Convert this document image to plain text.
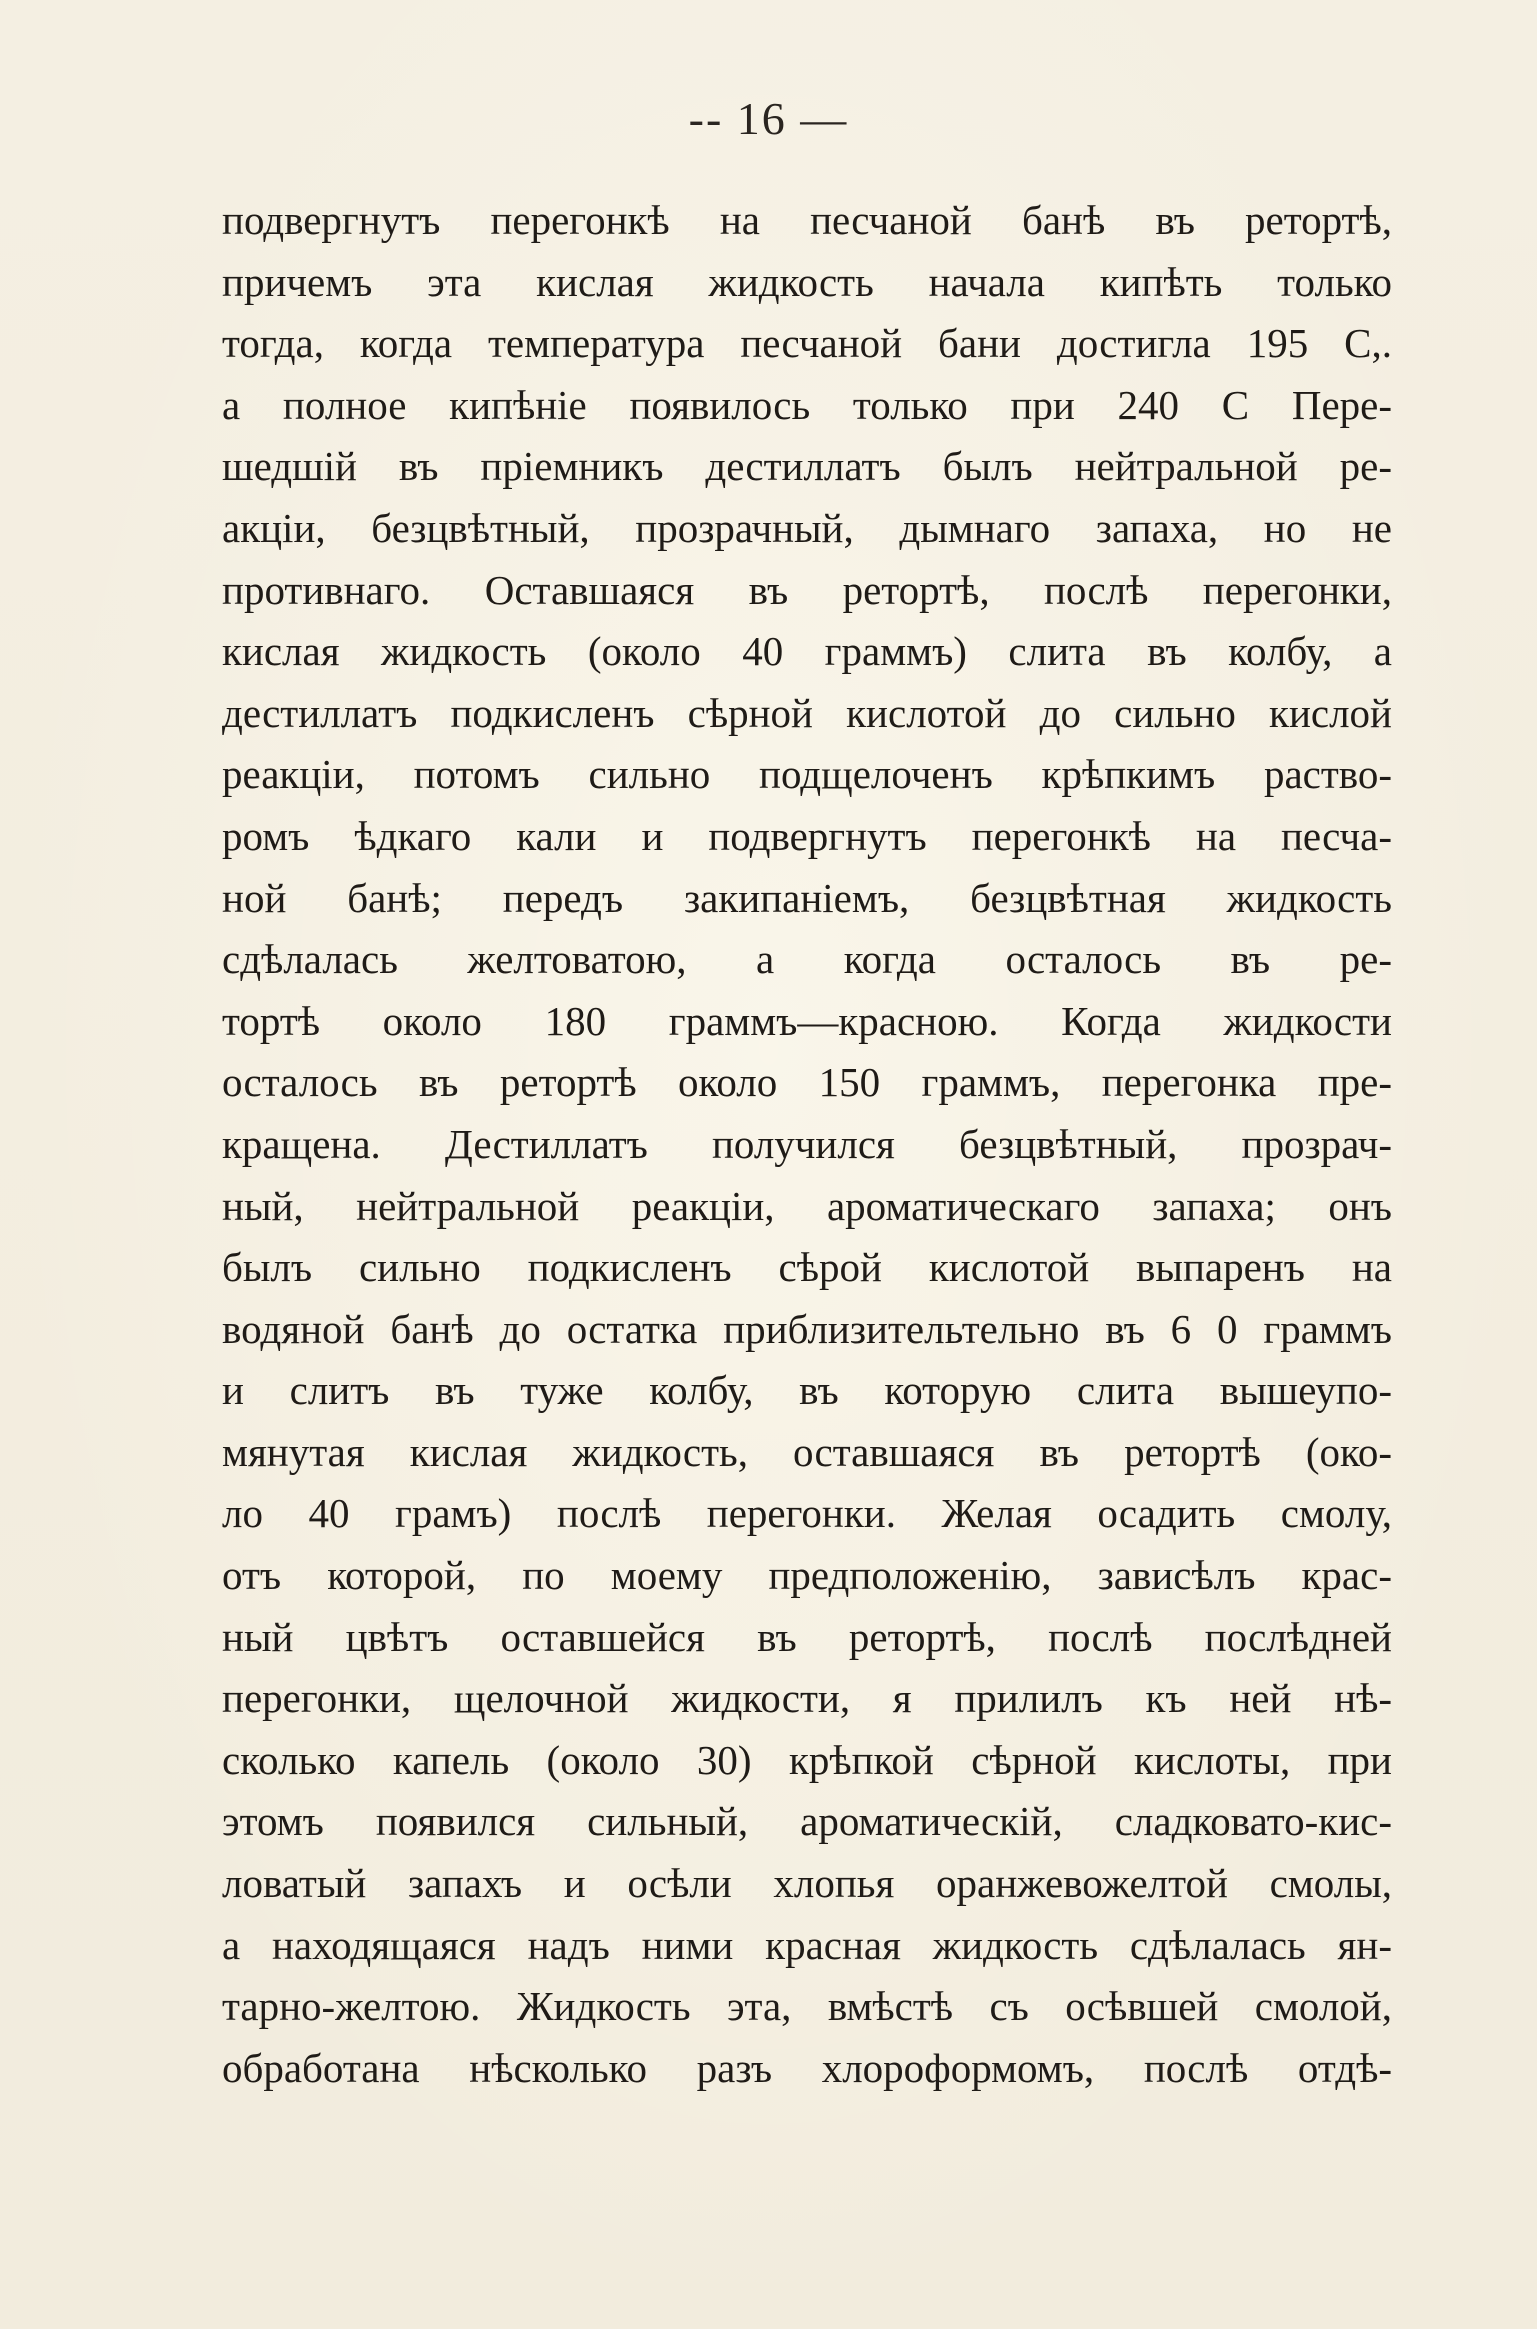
-- 16 —
подвергнутъ перегонкѣ на песчаной банѣ въ ретортѣ,
причемъ эта кислая жидкость начала кипѣть только
тогда, когда температура песчаной бани достигла 195 С,.
а полное кипѣніе появилось только при 240 С Пере-
шедшій въ пріемникъ дестиллатъ былъ нейтральной ре-
акціи, безцвѣтный, прозрачный, дымнаго запаха, но не
противнаго. Оставшаяся въ ретортѣ, послѣ перегонки,
кислая жидкость (около 40 граммъ) слита въ колбу, а
дестиллатъ подкисленъ сѣрной кислотой до сильно кислой
реакціи, потомъ сильно подщелоченъ крѣпкимъ раство-
ромъ ѣдкаго кали и подвергнутъ перегонкѣ на песча-
ной банѣ; передъ закипаніемъ, безцвѣтная жидкость
сдѣлалась желтоватою, а когда осталось въ ре-
тортѣ около 180 граммъ—красною. Когда жидкости
осталось въ ретортѣ около 150 граммъ, перегонка пре-
кращена. Дестиллатъ получился безцвѣтный, прозрач-
ный, нейтральной реакціи, ароматическаго запаха; онъ
былъ сильно подкисленъ сѣрой кислотой выпаренъ на
водяной банѣ до остатка приблизительтельно въ 6 0 граммъ
и слитъ въ туже колбу, въ которую слита вышеупо-
мянутая кислая жидкость, оставшаяся въ ретортѣ (око-
ло 40 грамъ) послѣ перегонки. Желая осадить смолу,
отъ которой, по моему предположенію, зависѣлъ крас-
ный цвѣтъ оставшейся въ ретортѣ, послѣ послѣдней
перегонки, щелочной жидкости, я прилилъ къ ней нѣ-
сколько капель (около 30) крѣпкой сѣрной кислоты, при
этомъ появился сильный, ароматическій, сладковато-кис-
ловатый запахъ и осѣли хлопья оранжевожелтой смолы,
а находящаяся надъ ними красная жидкость сдѣлалась ян-
тарно-желтою. Жидкость эта, вмѣстѣ съ осѣвшей смолой,
обработана нѣсколько разъ хлороформомъ, послѣ отдѣ-
